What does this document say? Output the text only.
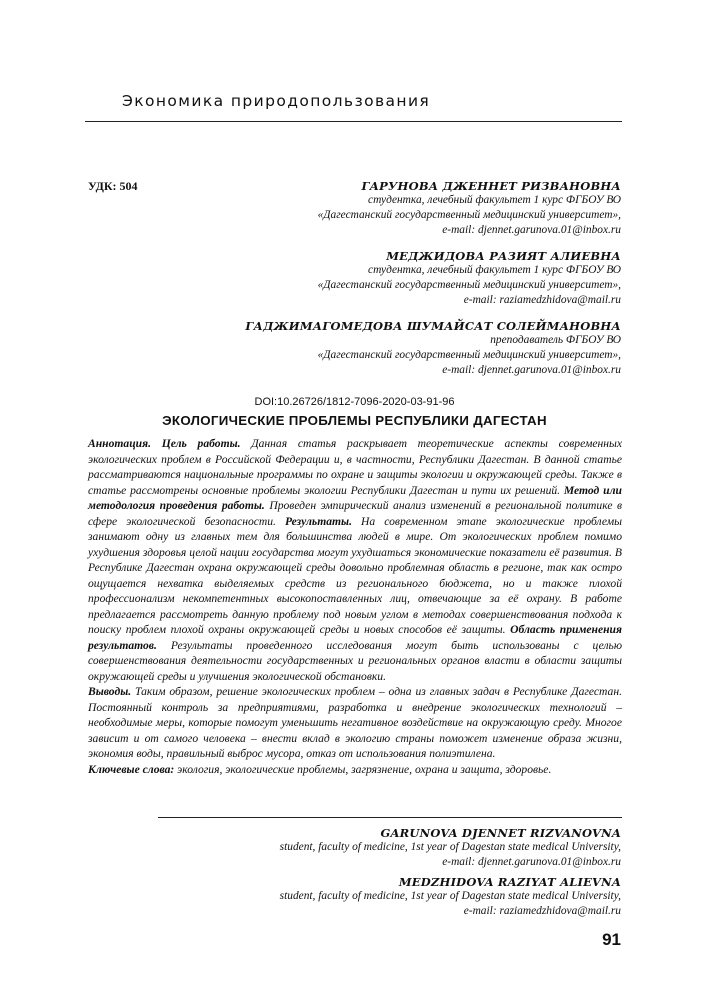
Экономика природопользования
УДК: 504	ГАРУНОВА ДЖЕННЕТ РИЗВАНОВНА
студентка, лечебный факультет 1 курс ФГБОУ ВО
«Дагестанский государственный медицинский университет»,
e-mail: djennet.garunova.01@inbox.ru
МЕДЖИДОВА РАЗИЯТ АЛИЕВНА
студентка, лечебный факультет 1 курс ФГБОУ ВО
«Дагестанский государственный медицинский университет»,
e-mail: raziamedzhidova@mail.ru
ГАДЖИМАГОМЕДОВА ШУМАЙСАТ СОЛЕЙМАНОВНА
преподаватель ФГБОУ ВО
«Дагестанский государственный медицинский университет»,
e-mail: djennet.garunova.01@inbox.ru
DOI:10.26726/1812-7096-2020-03-91-96
ЭКОЛОГИЧЕСКИЕ ПРОБЛЕМЫ РЕСПУБЛИКИ ДАГЕСТАН

Аннотация. Цель работы. Данная статья раскрывает теоретические аспекты современных экологических проблем в Российской Федерации и, в частности, Республики Дагестан. В данной статье рассматриваются национальные программы по охране и защиты экологии и окружающей среды. Также в статье рассмотрены основные проблемы экологии Республики Дагестан и пути их решений. Метод или методология проведения работы. Проведен эмпирический анализ изменений в региональной политике в сфере экологической безопасности. Результаты. На современном этапе экологические проблемы занимают одну из главных тем для большинства людей в мире. От экологических проблем помимо ухудшения здоровья целой нации государства могут ухудшаться экономические показатели её развития. В Республике Дагестан охрана окружающей среды довольно проблемная область в регионе, так как остро ощущается нехватка выделяемых средств из регионального бюджета, но и также плохой профессионализм некомпетентных высокопоставленных лиц, отвечающие за её охрану. В работе предлагается рассмотреть данную проблему под новым углом в методах совершенствования подхода к поиску проблем плохой охраны окружающей среды и новых способов её защиты. Область применения результатов. Результаты проведенного исследования могут быть использованы с целью совершенствования деятельности государственных и региональных органов власти в области защиты окружающей среды и улучшения экологической обстановки.

Выводы. Таким образом, решение экологических проблем – одна из главных задач в Республике Дагестан. Постоянный контроль за предприятиями, разработка и внедрение экологических технологий – необходимые меры, которые помогут уменьшить негативное воздействие на окружающую среду. Многое зависит и от самого человека – внести вклад в экологию страны поможет изменение образа жизни, экономия воды, правильный выброс мусора, отказ от использования полиэтилена.

Ключевые слова: экология, экологические проблемы, загрязнение, охрана и защита, здоровье.

GARUNOVA DJENNET RIZVANOVNA
student, faculty of medicine, 1st year of Dagestan state medical University,
e-mail: djennet.garunova.01@inbox.ru
MEDZHIDOVA RAZIYAT ALIEVNA
student, faculty of medicine, 1st year of Dagestan state medical University,
e-mail: raziamedzhidova@mail.ru
91
